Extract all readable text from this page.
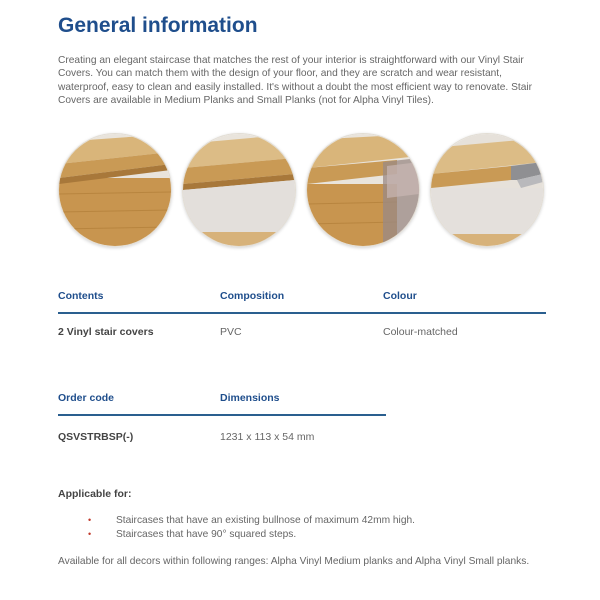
General information

Creating an elegant staircase that matches the rest of your interior is straightforward with our Vinyl Stair Covers. You can match them with the design of your floor, and they are scratch and wear resistant, waterproof, easy to clean and easily installed. It's without a doubt the most efficient way to renovate. Stair Covers are available in Medium Planks and Small Planks (not for Alpha Vinyl Tiles).

Contents	Composition	Colour
2 Vinyl stair covers	PVC	Colour-matched
Order code	Dimensions
QSVSTRBSP(-)	1231 x 113 x 54 mm
Applicable for:
• Staircases that have an existing bullnose of maximum 42mm high.
• Staircases that have 90° squared steps.

Available for all decors within following ranges: Alpha Vinyl Medium planks and Alpha Vinyl Small planks.
